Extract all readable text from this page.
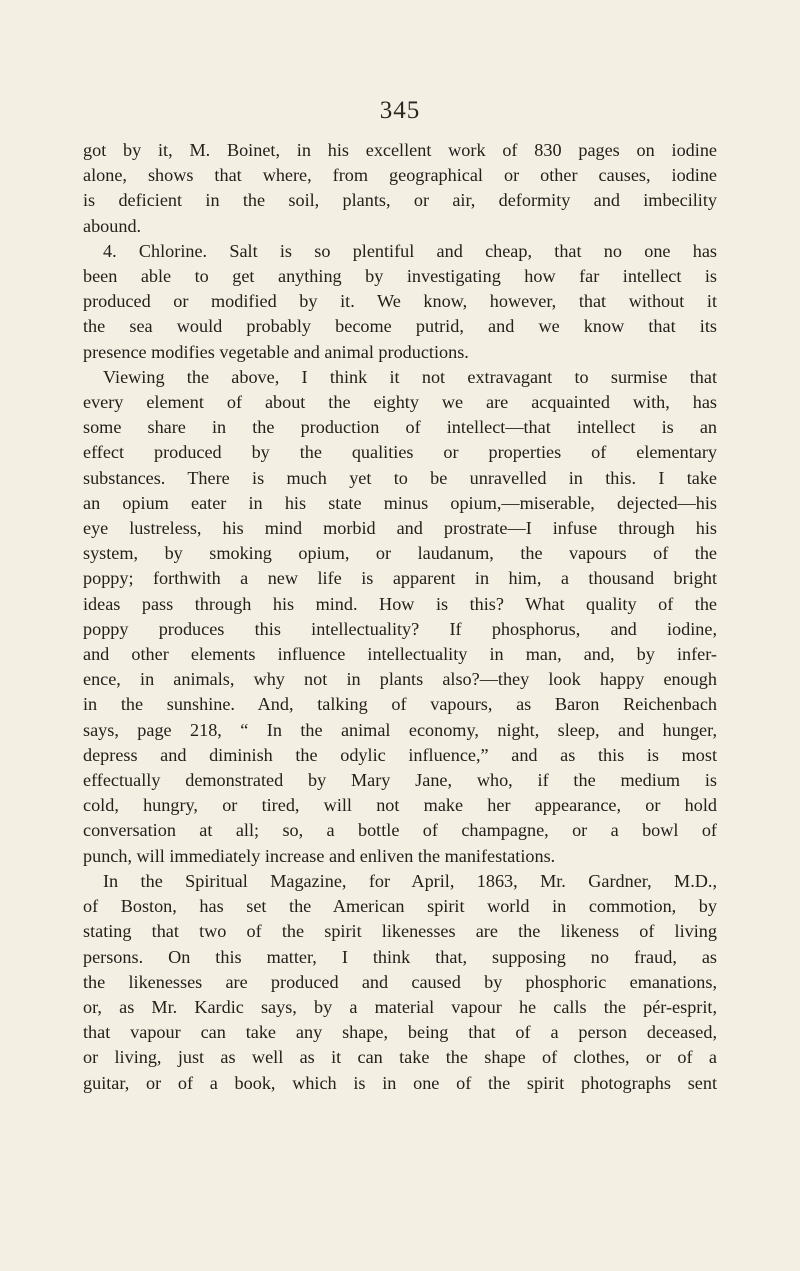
345
got by it, M. Boinet, in his excellent work of 830 pages on iodine
alone, shows that where, from geographical or other causes, iodine
is deficient in the soil, plants, or air, deformity and imbecility
abound.
4. Chlorine. Salt is so plentiful and cheap, that no one has
been able to get anything by investigating how far intellect is
produced or modified by it. We know, however, that without it
the sea would probably become putrid, and we know that its
presence modifies vegetable and animal productions.
Viewing the above, I think it not extravagant to surmise that
every element of about the eighty we are acquainted with, has
some share in the production of intellect—that intellect is an
effect produced by the qualities or properties of elementary
substances. There is much yet to be unravelled in this. I take
an opium eater in his state minus opium,—miserable, dejected—his
eye lustreless, his mind morbid and prostrate—I infuse through his
system, by smoking opium, or laudanum, the vapours of the
poppy; forthwith a new life is apparent in him, a thousand bright
ideas pass through his mind. How is this? What quality of the
poppy produces this intellectuality? If phosphorus, and iodine,
and other elements influence intellectuality in man, and, by infer-
ence, in animals, why not in plants also?—they look happy enough
in the sunshine. And, talking of vapours, as Baron Reichenbach
says, page 218, “ In the animal economy, night, sleep, and hunger,
depress and diminish the odylic influence,” and as this is most
effectually demonstrated by Mary Jane, who, if the medium is
cold, hungry, or tired, will not make her appearance, or hold
conversation at all; so, a bottle of champagne, or a bowl of
punch, will immediately increase and enliven the manifestations.
In the Spiritual Magazine, for April, 1863, Mr. Gardner, M.D.,
of Boston, has set the American spirit world in commotion, by
stating that two of the spirit likenesses are the likeness of living
persons. On this matter, I think that, supposing no fraud, as
the likenesses are produced and caused by phosphoric emanations,
or, as Mr. Kardic says, by a material vapour he calls the pér-esprit,
that vapour can take any shape, being that of a person deceased,
or living, just as well as it can take the shape of clothes, or of a
guitar, or of a book, which is in one of the spirit photographs sent
